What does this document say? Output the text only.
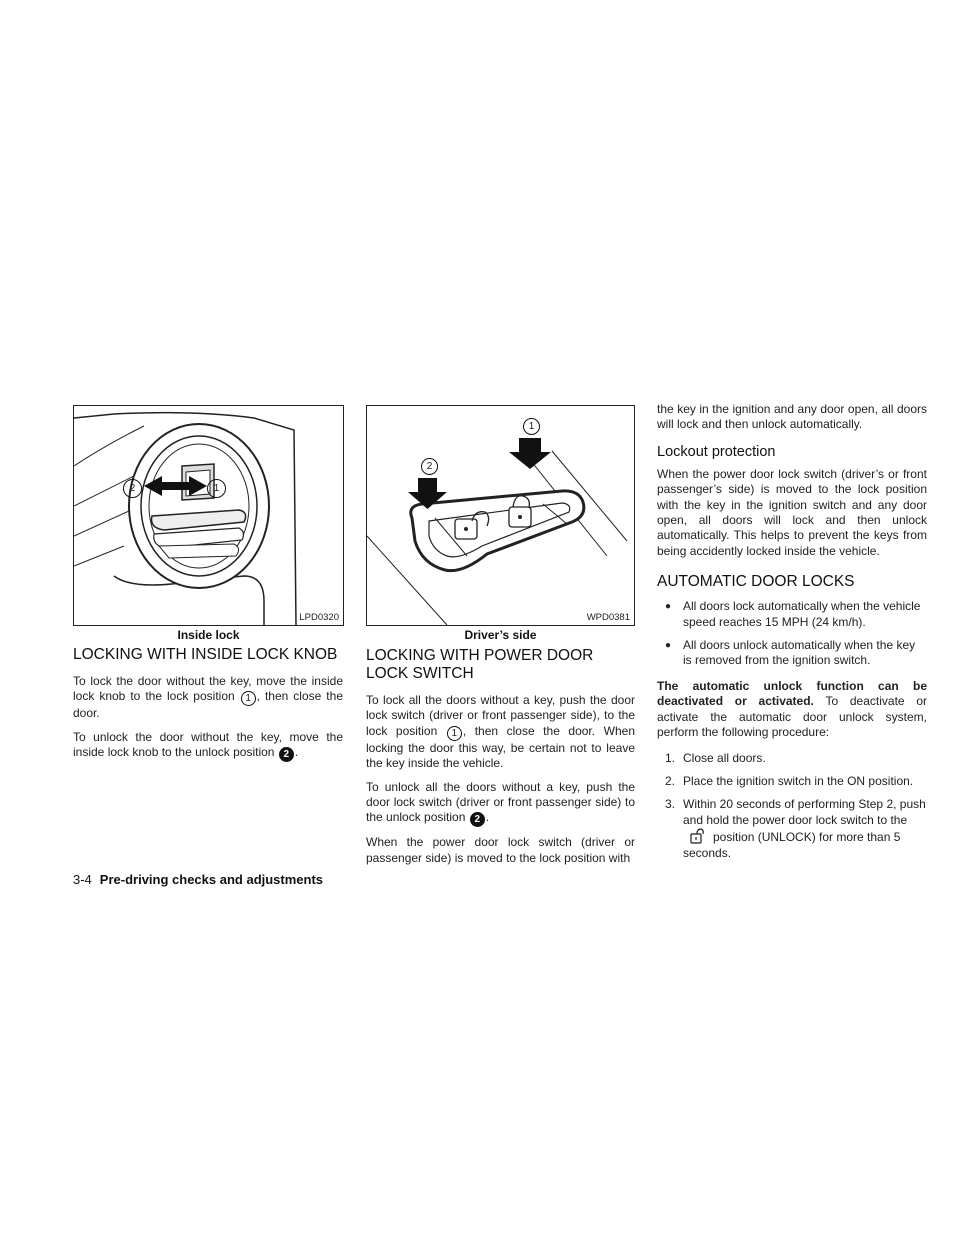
2	1
LPD0320
Inside lock
1
2
WPD0381
Driver’s side
LOCKING WITH INSIDE LOCK KNOB

To lock the door without the key, move the inside lock knob to the lock position 1 , then close the door.

To unlock the door without the key, move the inside lock knob to the unlock position 2 .

LOCKING WITH POWER DOOR LOCK SWITCH

To lock all the doors without a key, push the door lock switch (driver or front passenger side), to the lock position 1 , then close the door. When locking the door this way, be certain not to leave the key inside the vehicle.

To unlock all the doors without a key, push the door lock switch (driver or front passenger side) to the unlock position 2 .

When the power door lock switch (driver or passenger side) is moved to the lock position with

the key in the ignition and any door open, all doors will lock and then unlock automatically.

Lockout protection

When the power door lock switch (driver’s or front passenger’s side) is moved to the lock position with the key in the ignition switch and any door open, all doors will lock and then unlock automatically. This helps to prevent the keys from being accidently locked inside the vehicle.

AUTOMATIC DOOR LOCKS
● All doors lock automatically when the vehicle speed reaches 15 MPH (24 km/h).
● All doors unlock automatically when the key is removed from the ignition switch.

The automatic unlock function can be deactivated or activated. To deactivate or activate the automatic door unlock system, perform the following procedure:

1. Close all doors.
2. Place the ignition switch in the ON position.
3. Within 20 seconds of performing Step 2, push and hold the power door lock switch to theposition (UNLOCK) for more than 5 seconds.
3-4 Pre-driving checks and adjustments
